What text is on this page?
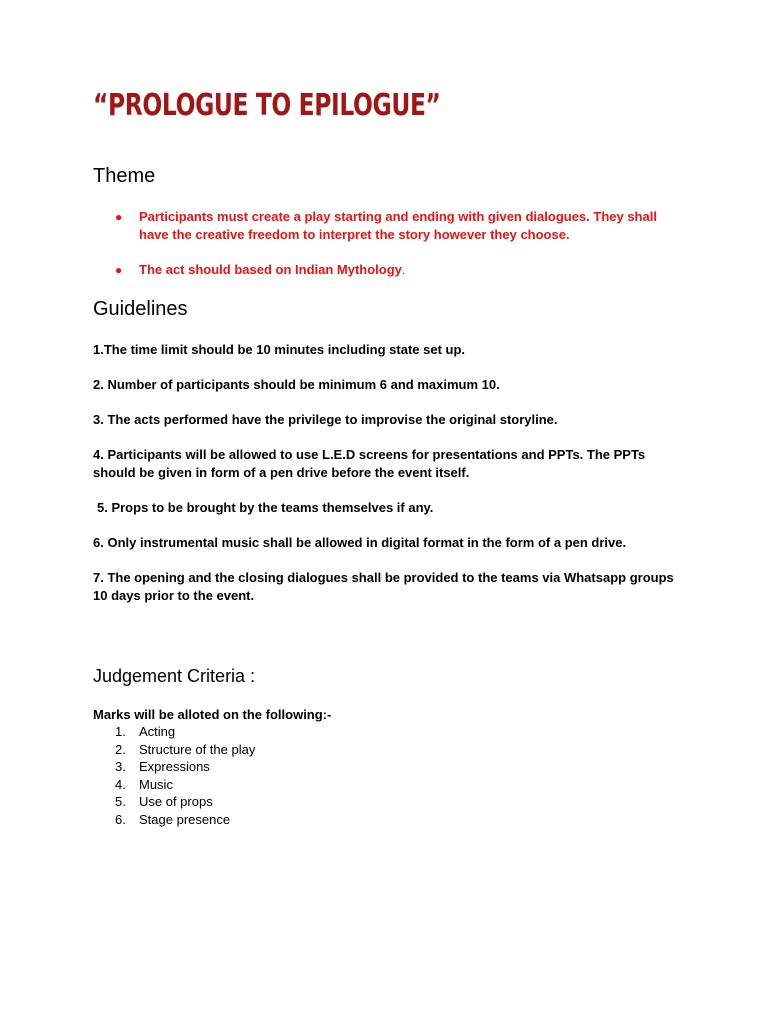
“PROLOGUE TO EPILOGUE”
Theme
● Participants must create a play starting and ending with given dialogues. They shall have the creative freedom to interpret the story however they choose.
● The act should based on Indian Mythology.
Guidelines

1.The time limit should be 10 minutes including state set up.

2. Number of participants should be minimum 6 and maximum 10.

3. The acts performed have the privilege to improvise the original storyline.

4. Participants will be allowed to use L.E.D screens for presentations and PPTs. The PPTs should be given in form of a pen drive before the event itself.

5. Props to be brought by the teams themselves if any.

6. Only instrumental music shall be allowed in digital format in the form of a pen drive.

7. The opening and the closing dialogues shall be provided to the teams via Whatsapp groups 10 days prior to the event.

Judgement Criteria :

Marks will be alloted on the following:-

1. Acting
2. Structure of the play
3. Expressions
4. Music
5. Use of props
6. Stage presence
